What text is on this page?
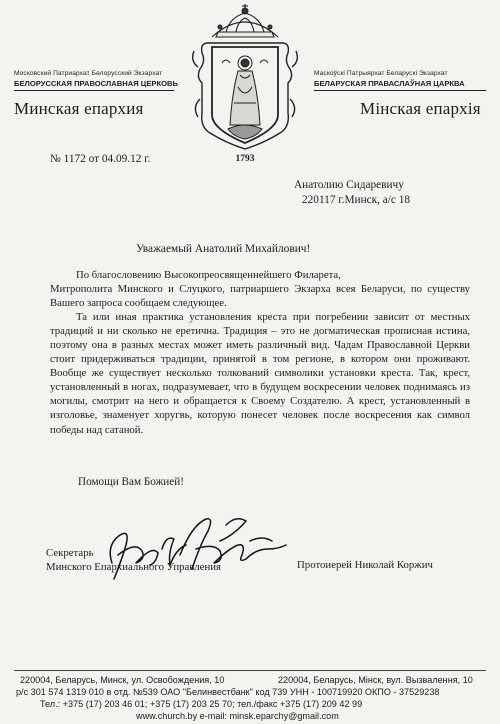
Московский Патриархат Белорусский Экзархат
БЕЛОРУССКАЯ ПРАВОСЛАВНАЯ ЦЕРКОВЬ
Минская епархия
Маскоўскі Патрыярхат Беларускі Экзархат
БЕЛАРУСКАЯ ПРАВАСЛАЎНАЯ ЦАРКВА
Мінская епархія
1793
№ 1172 от 04.09.12 г.
Анатолию Сидаревичу
220117 г.Минск, а/с 18
Уважаемый Анатолий Михайлович!
По благословению Высокопреосвященнейшего Филарета,

Митрополита Минского и Слуцкого, патриаршего Экзарха всея Беларуси, по существу Вашего запроса сообщаем следующее.

Та или иная практика установления креста при погребении зависит от местных традиций и ни сколько не еретична. Традиция – это не догматическая прописная истина, поэтому она в разных местах может иметь различный вид. Чадам Православной Церкви стоит придерживаться традиции, принятой в том регионе, в котором они проживают. Вообще же существует несколько толкований символики установки креста. Так, крест, установленный в ногах, подразумевает, что в будущем воскресении человек поднимаясь из могилы, смотрит на него и обращается к Своему Создателю. А крест, установленный в изголовье, знаменует хоругвь, которую понесет человек после воскресения как символ победы над сатаной.

Помощи Вам Божией!
Секретарь
Минского Епархиального Управления	Протоиерей Николай Коржич
220004, Беларусь, Минск, ул. Освобождения, 10	220004, Беларусь, Мінск, вул. Вызвалення, 10
р/с 301 574 1319 010 в отд. №539 ОАО "Белинвестбанк" код 739 УНН - 100719920 ОКПО - 37529238
Тел.: +375 (17) 203 46 01; +375 (17) 203 25 70; тел./факс +375 (17) 209 42 99
www.church.by e-mail: minsk.eparchy@gmail.com
